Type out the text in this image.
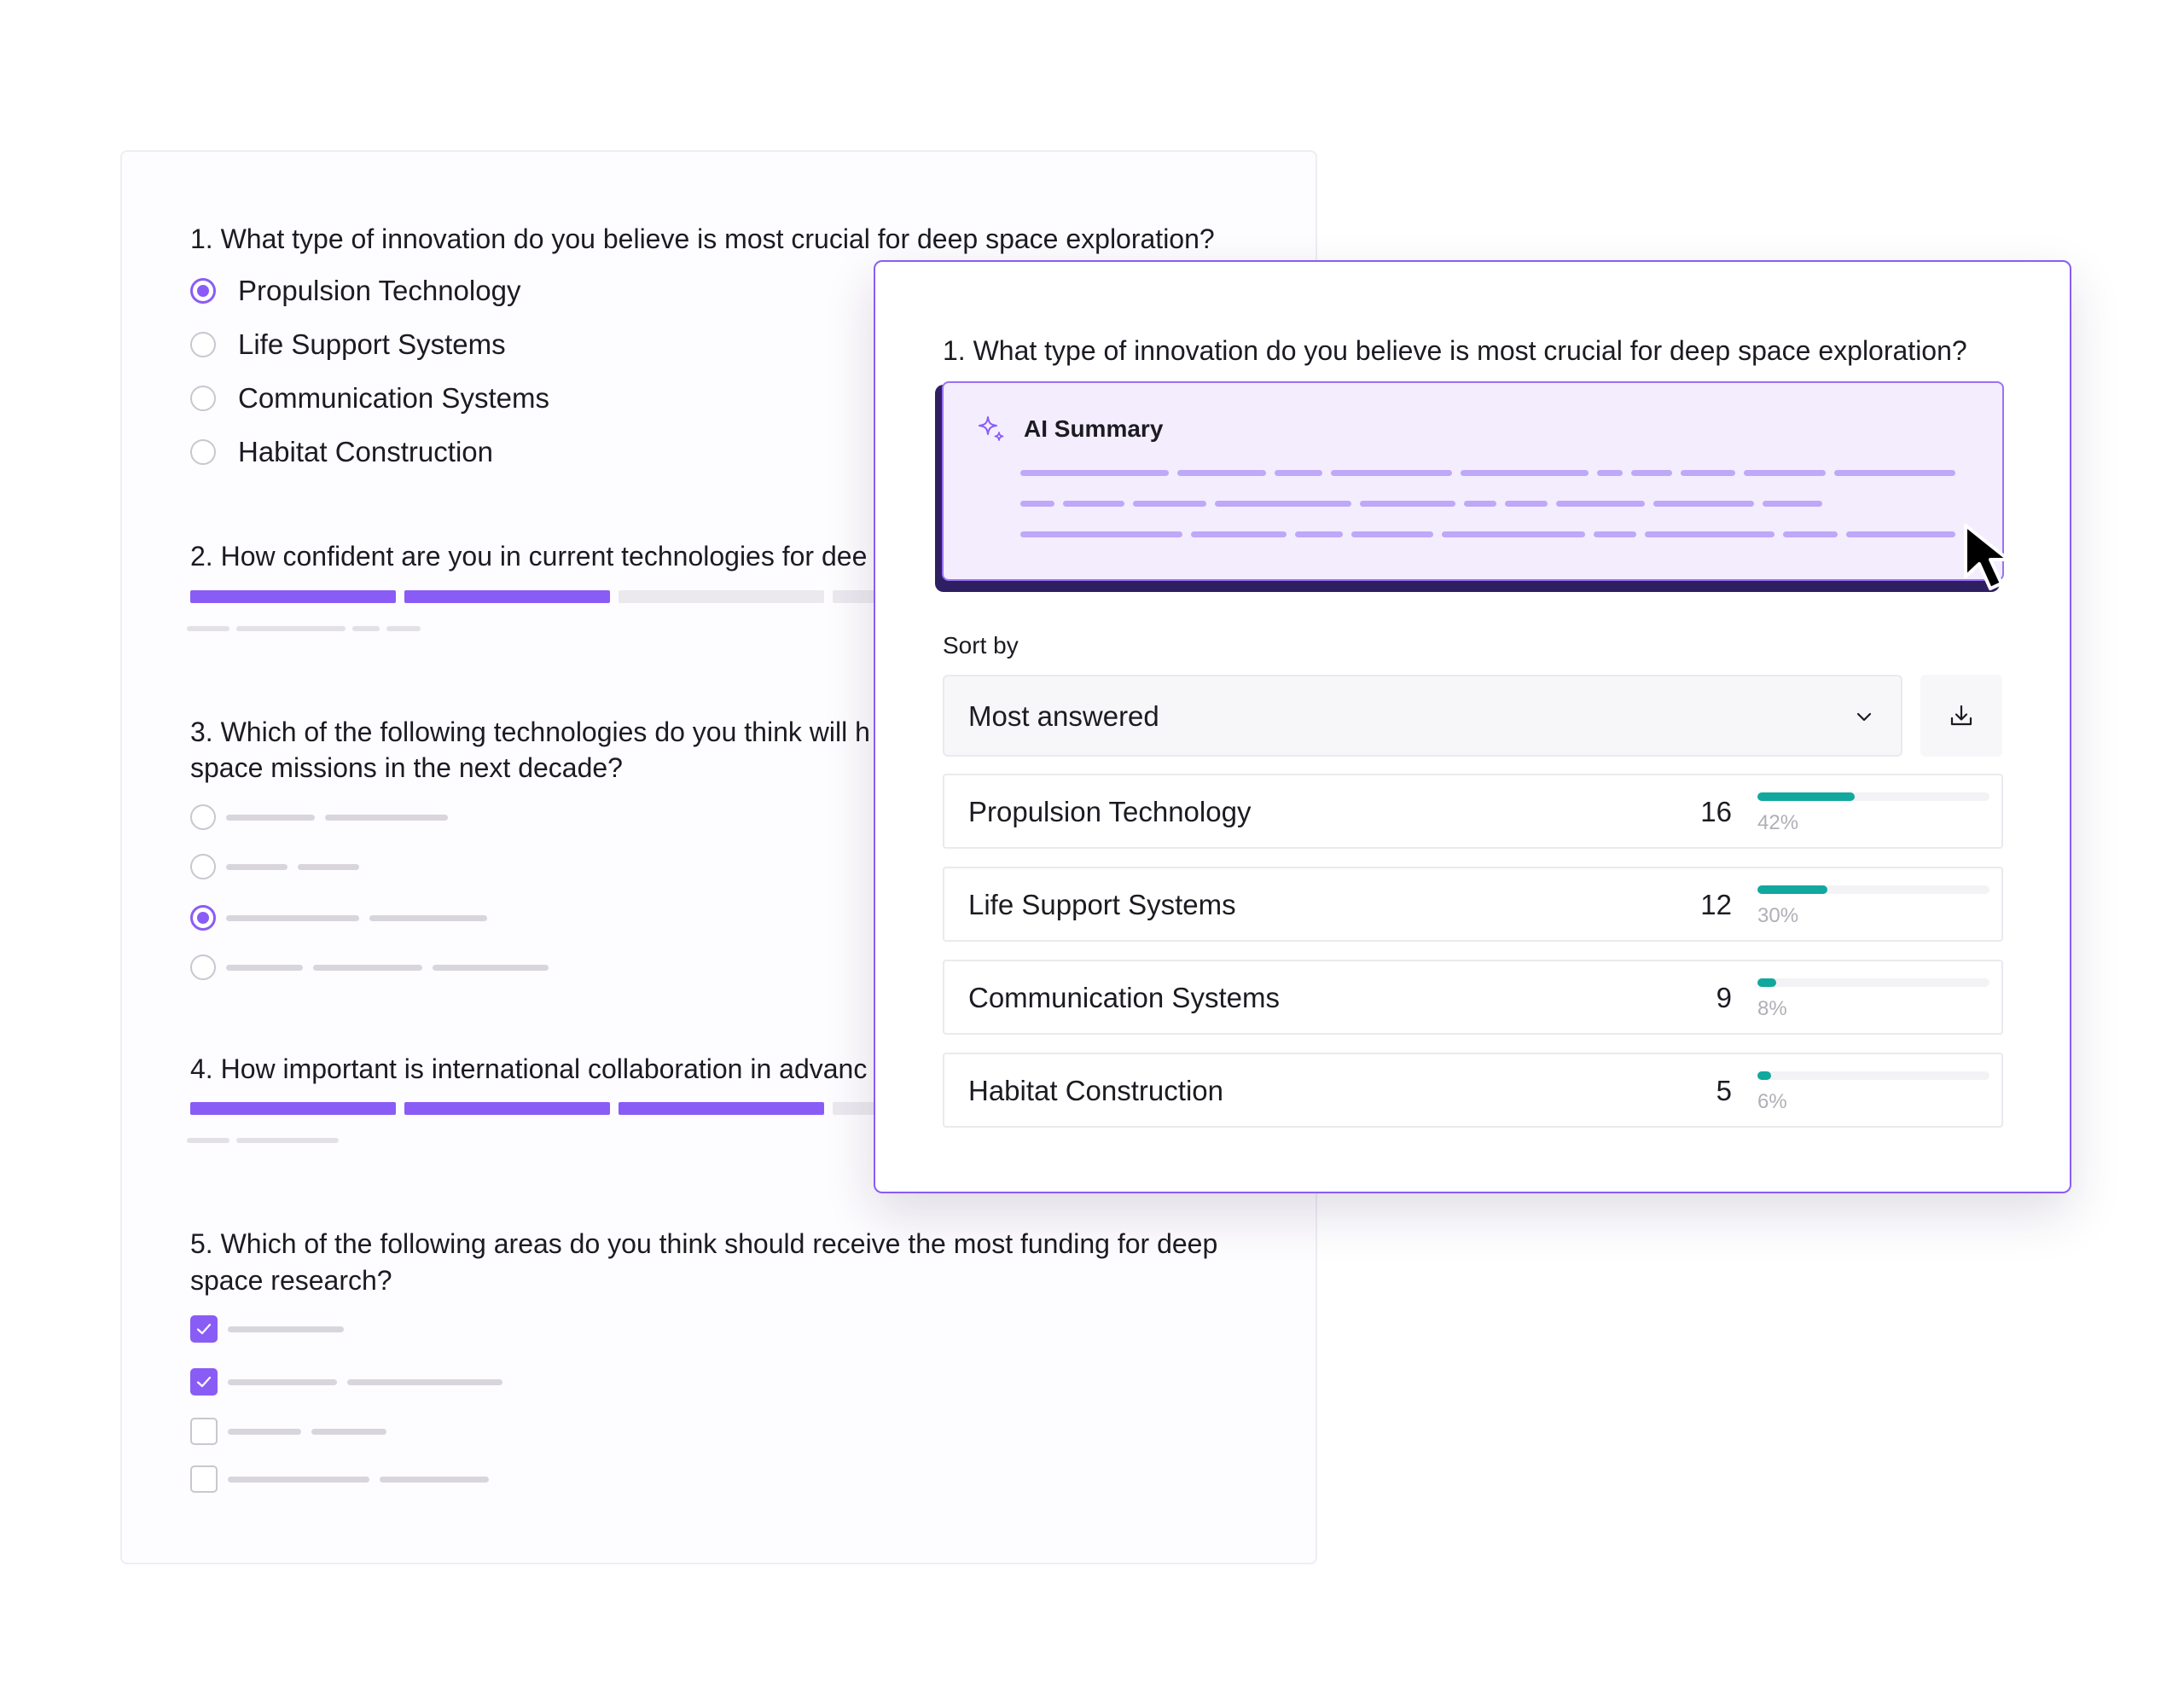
1. What type of innovation do you believe is most crucial for deep space exploration?
Propulsion Technology
Life Support Systems
Communication Systems
Habitat Construction
2. How confident are you in current technologies for dee
3. Which of the following technologies do you think will h
space missions in the next decade?
4. How important is international collaboration in advanc
5. Which of the following areas do you think should receive the most funding for deep
space research?
1. What type of innovation do you believe is most crucial for deep space exploration?
AI Summary
Sort by
Most answered
Propulsion Technology	16 42%
Life Support Systems	12 30%
Communication Systems	9 8%
Habitat Construction	5 6%
